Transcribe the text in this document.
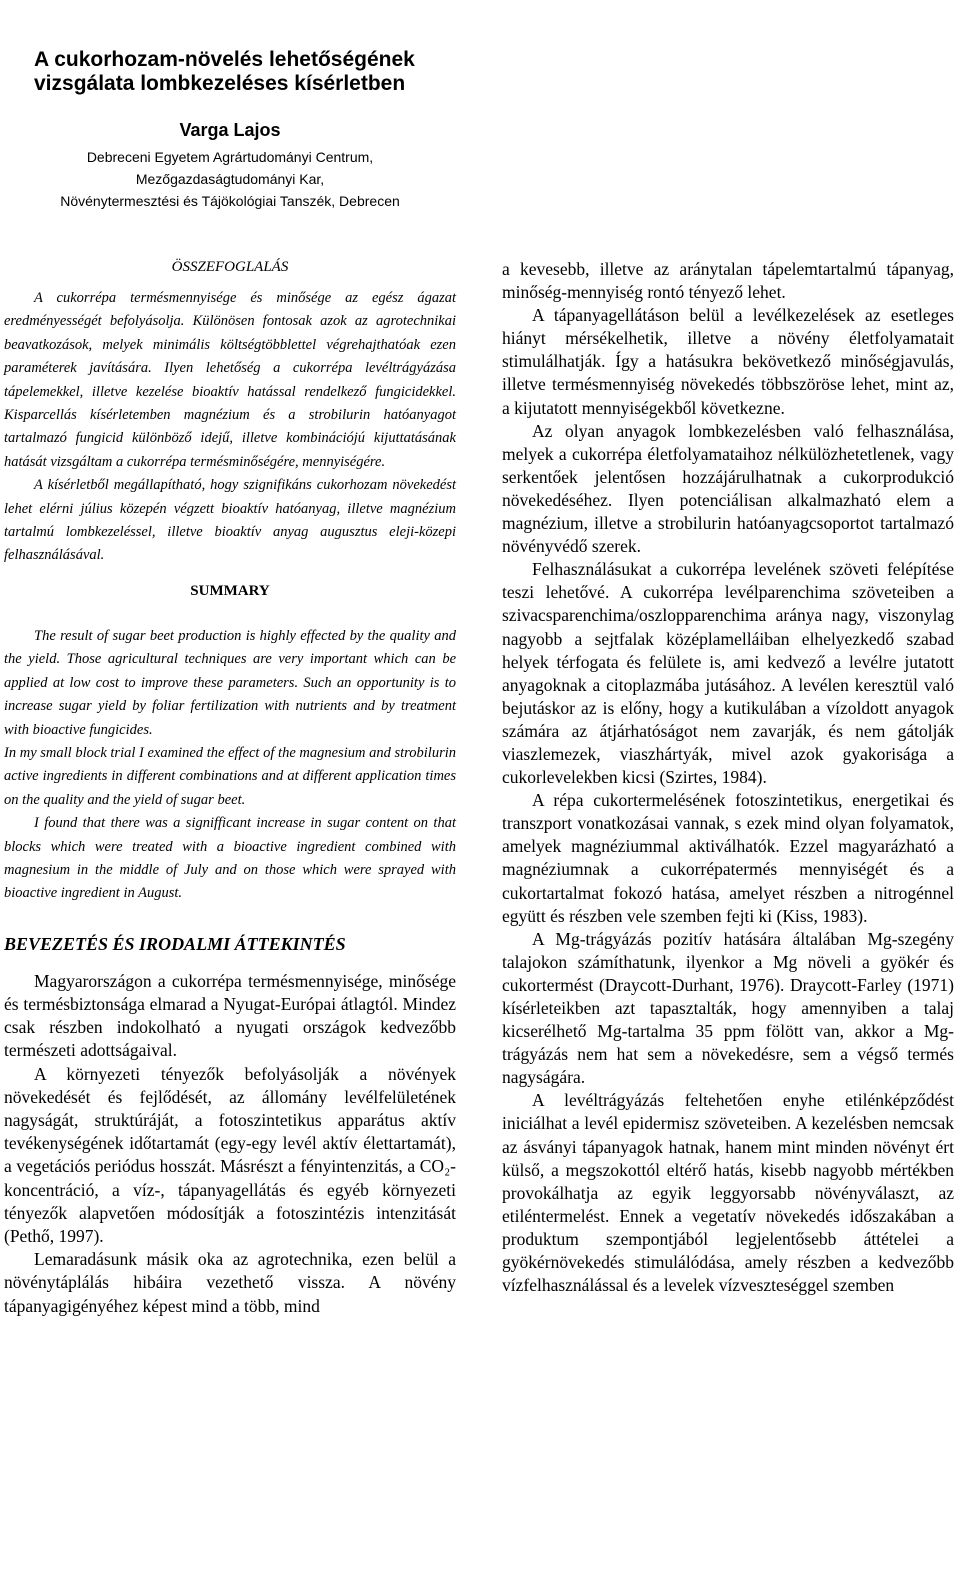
A cukorhozam-növelés lehetőségének vizsgálata lombkezeléses kísérletben
Varga Lajos
Debreceni Egyetem Agrártudományi Centrum,
Mezőgazdaságtudományi Kar,
Növénytermesztési és Tájökológiai Tanszék, Debrecen

ÖSSZEFOGLALÁS

A cukorrépa termésmennyisége és minősége az egész ágazat eredményességét befolyásolja. Különösen fontosak azok az agrotechnikai beavatkozások, melyek minimális költségtöbblettel végrehajthatóak ezen paraméterek javítására. Ilyen lehetőség a cukorrépa levéltrágyázása tápelemekkel, illetve kezelése bioaktív hatással rendelkező fungicidekkel. Kisparcellás kísérletemben magnézium és a strobilurin hatóanyagot tartalmazó fungicid különböző idejű, illetve kombinációjú kijuttatásának hatását vizsgáltam a cukorrépa termésminőségére, mennyiségére.

A kísérletből megállapítható, hogy szignifikáns cukorhozam növekedést lehet elérni július közepén végzett bioaktív hatóanyag, illetve magnézium tartalmú lombkezeléssel, illetve bioaktív anyag augusztus eleji-közepi felhasználásával.

SUMMARY

The result of sugar beet production is highly effected by the quality and the yield. Those agricultural techniques are very important which can be applied at low cost to improve these parameters. Such an opportunity is to increase sugar yield by foliar fertilization with nutrients and by treatment with bioactive fungicides.

In my small block trial I examined the effect of the magnesium and strobilurin active ingredients in different combinations and at different application times on the quality and the yield of sugar beet.

I found that there was a signifficant increase in sugar content on that blocks which were treated with a bioactive ingredient combined with magnesium in the middle of July and on those which were sprayed with bioactive ingredient in August.

BEVEZETÉS ÉS IRODALMI ÁTTEKINTÉS

Magyarországon a cukorrépa termésmennyisége, minősége és termésbiztonsága elmarad a Nyugat-Európai átlagtól. Mindez csak részben indokolható a nyugati országok kedvezőbb természeti adottságaival.

A környezeti tényezők befolyásolják a növények növekedését és fejlődését, az állomány levélfelületének nagyságát, struktúráját, a fotoszintetikus apparátus aktív tevékenységének időtartamát (egy-egy levél aktív élettartamát), a vegetációs periódus hosszát. Másrészt a fényintenzitás, a CO₂-koncentráció, a víz-, tápanyagellátás és egyéb környezeti tényezők alapvetően módosítják a fotoszintézis intenzitását (Pethő, 1997).

Lemaradásunk másik oka az agrotechnika, ezen belül a növénytáplálás hibáira vezethető vissza. A növény tápanyagigényéhez képest mind a több, mind

a kevesebb, illetve az aránytalan tápelemtartalmú tápanyag, minőség-mennyiség rontó tényező lehet.

A tápanyagellátáson belül a levélkezelések az esetleges hiányt mérsékelhetik, illetve a növény életfolyamatait stimulálhatják. Így a hatásukra bekövetkező minőségjavulás, illetve termésmennyiség növekedés többszöröse lehet, mint az, a kijutatott mennyiségekből következne.

Az olyan anyagok lombkezelésben való felhasználása, melyek a cukorrépa életfolyamataihoz nélkülözhetetlenek, vagy serkentőek jelentősen hozzájárulhatnak a cukorprodukció növekedéséhez. Ilyen potenciálisan alkalmazható elem a magnézium, illetve a strobilurin hatóanyagcsoportot tartalmazó növényvédő szerek.

Felhasználásukat a cukorrépa levelének szöveti felépítése teszi lehetővé. A cukorrépa levélparenchima szöveteiben a szivacsparenchima/oszlopparenchima aránya nagy, viszonylag nagyobb a sejtfalak középlamelláiban elhelyezkedő szabad helyek térfogata és felülete is, ami kedvező a levélre jutatott anyagoknak a citoplazmába jutásához. A levélen keresztül való bejutáskor az is előny, hogy a kutikulában a vízoldott anyagok számára az átjárhatóságot nem zavarják, és nem gátolják viaszlemezek, viaszhártyák, mivel azok gyakorisága a cukorlevelekben kicsi (Szirtes, 1984).

A répa cukortermelésének fotoszintetikus, energetikai és transzport vonatkozásai vannak, s ezek mind olyan folyamatok, amelyek magnéziummal aktiválhatók. Ezzel magyarázható a magnéziumnak a cukorrépatermés mennyiségét és a cukortartalmat fokozó hatása, amelyet részben a nitrogénnel együtt és részben vele szemben fejti ki (Kiss, 1983).

A Mg-trágyázás pozitív hatására általában Mg-szegény talajokon számíthatunk, ilyenkor a Mg növeli a gyökér és cukortermést (Draycott-Durhant, 1976). Draycott-Farley (1971) kísérleteikben azt tapasztalták, hogy amennyiben a talaj kicserélhető Mg-tartalma 35 ppm fölött van, akkor a Mg-trágyázás nem hat sem a növekedésre, sem a végső termés nagyságára.

A levéltrágyázás feltehetően enyhe etilénképződést iniciálhat a levél epidermisz szöveteiben. A kezelésben nemcsak az ásványi tápanyagok hatnak, hanem mint minden növényt ért külső, a megszokottól eltérő hatás, kisebb nagyobb mértékben provokálhatja az egyik leggyorsabb növényválaszt, az etiléntermelést. Ennek a vegetatív növekedés időszakában a produktum szempontjából legjelentősebb áttételei a gyökérnövekedés stimulálódása, amely részben a kedvezőbb vízfelhasználással és a levelek vízveszteséggel szemben
